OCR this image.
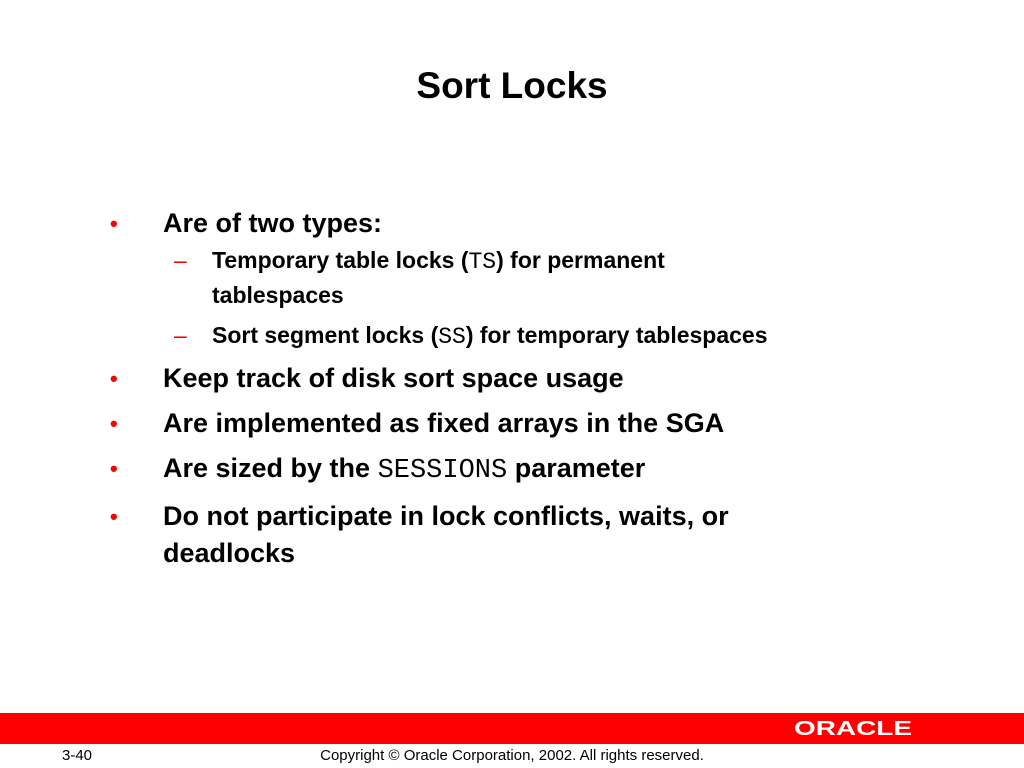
Sort Locks
• Are of two types:
– Temporary table locks (TS) for permanent tablespaces
– Sort segment locks (SS) for temporary tablespaces
• Keep track of disk sort space usage
• Are implemented as fixed arrays in the SGA
• Are sized by the SESSIONS parameter
• Do not participate in lock conflicts, waits, or deadlocks
ORACLE
3-40	Copyright © Oracle Corporation, 2002. All rights reserved.
